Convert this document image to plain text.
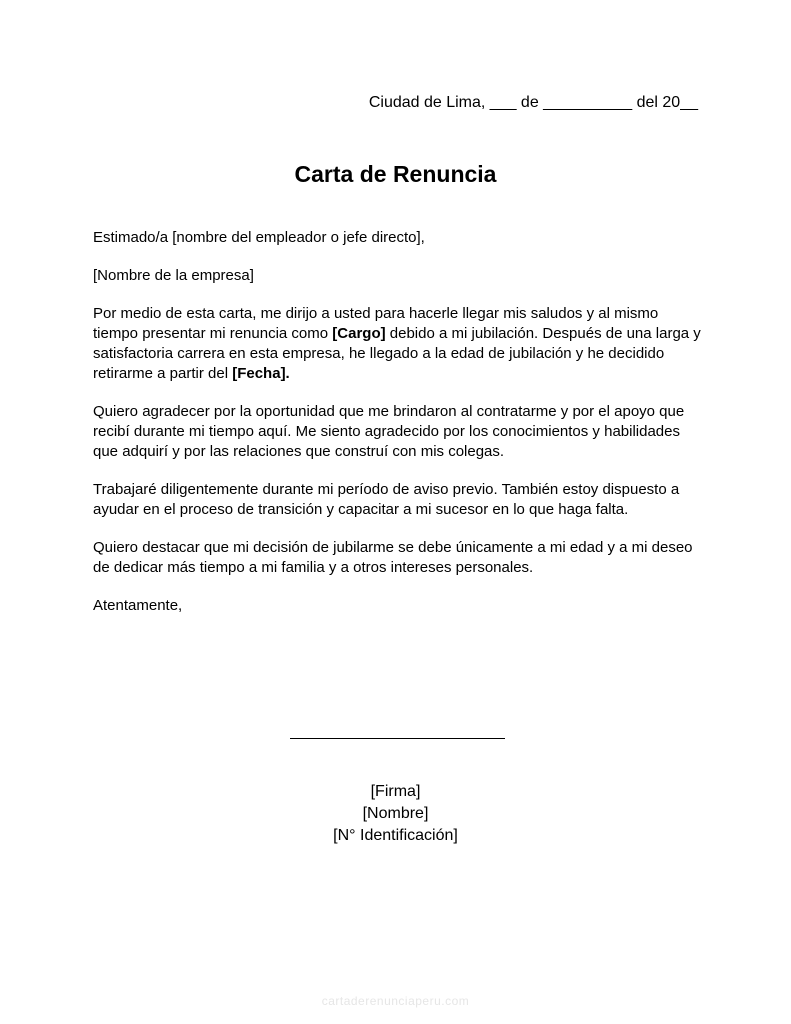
Ciudad de Lima, ___ de __________ del 20__
Carta de Renuncia

Estimado/a [nombre del empleador o jefe directo],

[Nombre de la empresa]

Por medio de esta carta, me dirijo a usted para hacerle llegar mis saludos y al mismo tiempo presentar mi renuncia como [Cargo] debido a mi jubilación. Después de una larga y satisfactoria carrera en esta empresa, he llegado a la edad de jubilación y he decidido retirarme a partir del [Fecha].

Quiero agradecer por la oportunidad que me brindaron al contratarme y por el apoyo que recibí durante mi tiempo aquí. Me siento agradecido por los conocimientos y habilidades que adquirí y por las relaciones que construí con mis colegas.

Trabajaré diligentemente durante mi período de aviso previo. También estoy dispuesto a ayudar en el proceso de transición y capacitar a mi sucesor en lo que haga falta.

Quiero destacar que mi decisión de jubilarme se debe únicamente a mi edad y a mi deseo de dedicar más tiempo a mi familia y a otros intereses personales.

Atentamente,

[Firma]
[Nombre]
[N° Identificación]
cartaderenunciaperu.com
